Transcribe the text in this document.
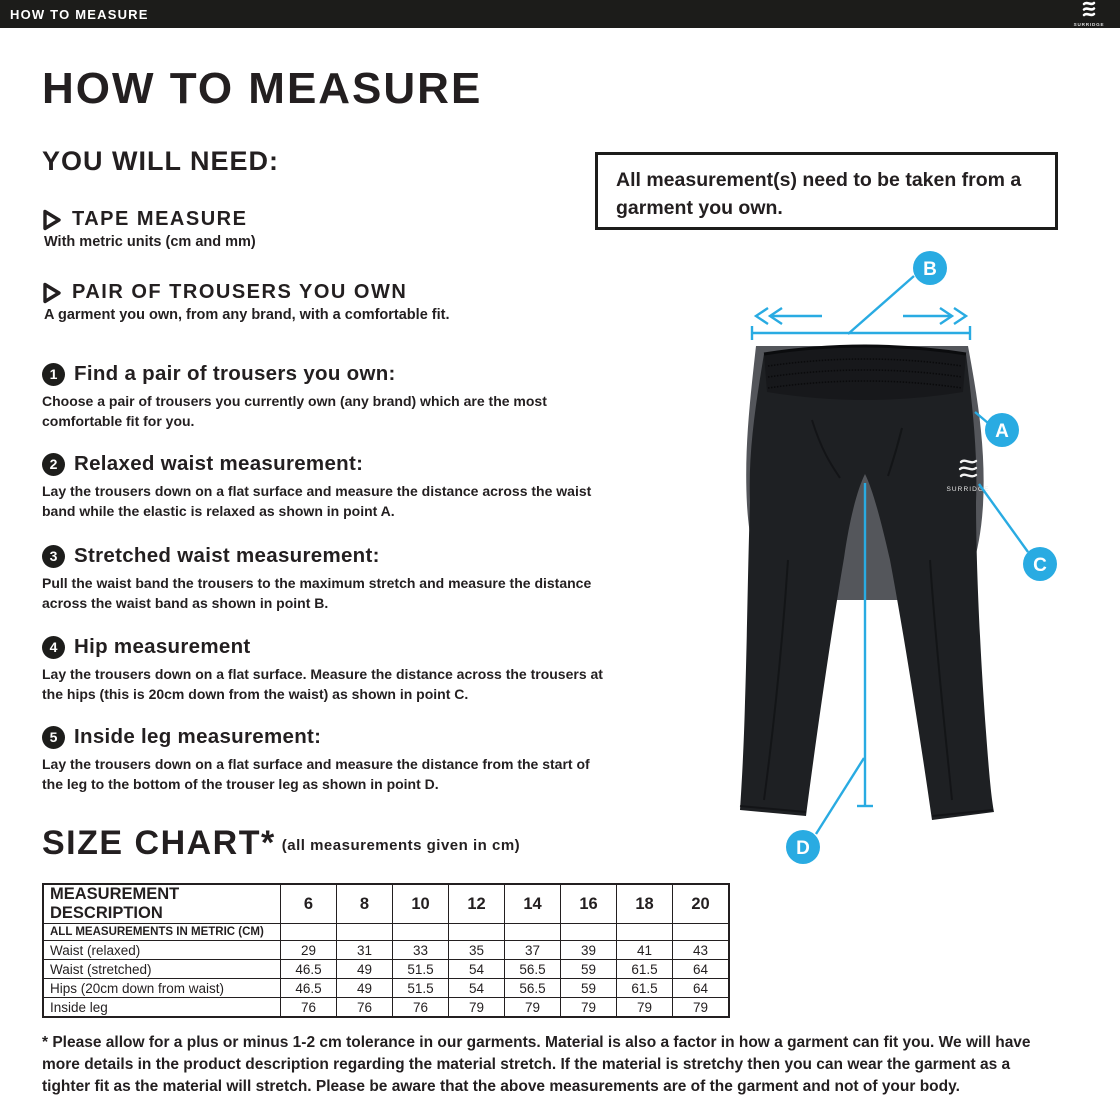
HOW TO MEASURE
SURRIDGE
HOW TO MEASURE
YOU WILL NEED:
TAPE MEASURE
With metric units (cm and mm)
PAIR OF TROUSERS YOU OWN
A garment you own, from any brand, with a comfortable fit.
All measurement(s) need to be taken from a garment you own.
1 Find a pair of trousers you own:
Choose a pair of trousers you currently own (any brand) which are the most comfortable fit for you.
2 Relaxed waist measurement:
Lay the trousers down on a flat surface and measure the distance across the waist band while the elastic is relaxed as shown in point A.
3 Stretched waist measurement:
Pull the waist band the trousers to the maximum stretch and measure the distance across the waist band as shown in point B.
4 Hip measurement
Lay the trousers down on a flat surface. Measure the distance across the trousers at the hips (this is 20cm down from the waist) as shown in point C.
5 Inside leg measurement:
Lay the trousers down on a flat surface and measure the distance from the start of the leg to the bottom of the trouser leg as shown in point D.
SIZE CHART* (all measurements given in cm)
MEASUREMENT DESCRIPTION	6	8	10	12	14	16	18	20
ALL MEASUREMENTS IN METRIC (CM)								
Waist (relaxed)	29	31	33	35	37	39	41	43
Waist (stretched)	46.5	49	51.5	54	56.5	59	61.5	64
Hips (20cm down from waist)	46.5	49	51.5	54	56.5	59	61.5	64
Inside leg	76	76	76	79	79	79	79	79
* Please allow for a plus or minus 1-2 cm tolerance in our garments. Material is also a factor in how a garment can fit you. We will have more details in the product description regarding the material stretch. If the material is stretchy then you can wear the garment as a tighter fit as the material will stretch. Please be aware that the above measurements are of the garment and not of your body.
SURRIDGE
B
A
C
D
